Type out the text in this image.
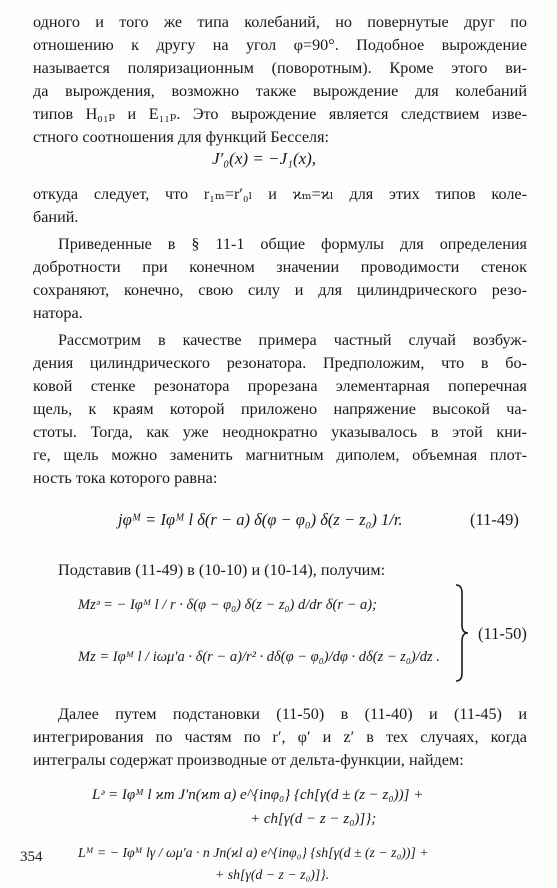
одного и того же типа колебаний, но повернутые друг по
отношению к другу на угол φ=90°. Подобное вырождение
называется поляризационным (поворотным). Кроме этого ви-
да вырождения, возможно также вырождение для колебаний
типов H₀₁ₚ и E₁₁ₚ. Это вырождение является следствием изве-
стного соотношения для функций Бесселя:
J′₀(x) = −J₁(x),
откуда следует, что r₁ₘ=r′₀ₗ и ϰₘ=ϰₗ для этих типов коле-
баний.
Приведенные в § 11-1 общие формулы для определения
добротности при конечном значении проводимости стенок
сохраняют, конечно, свою силу и для цилиндрического резо-
натора.
Рассмотрим в качестве примера частный случай возбуж-
дения цилиндрического резонатора. Предположим, что в бо-
ковой стенке резонатора прорезана элементарная поперечная
щель, к краям которой приложено напряжение высокой ча-
стоты. Тогда, как уже неоднократно указывалось в этой кни-
ге, щель можно заменить магнитным диполем, объемная плот-
ность тока которого равна:
jφᴹ = Iφᴹ l δ(r − a) δ(φ − φ₀) δ(z − z₀) 1/r.	(11-49)
Подставив (11-49) в (10-10) и (10-14), получим:
Mzᵊ = − Iφᴹ l / r · δ(φ − φ₀) δ(z − z₀) d/dr δ(r − a);
Mz = Iφᴹ l / iωμ′a · δ(r − a)/r² · dδ(φ − φ₀)/dφ · dδ(z − z₀)/dz .
(11-50)
Далее путем подстановки (11-50) в (11-40) и (11-45) и
интегрирования по частям по r′, φ′ и z′ в тех случаях, когда
интегралы содержат производные от дельта-функции, найдем:
Lᵊ = Iφᴹ l ϰm J′n(ϰm a) e^{inφ₀} {ch[γ(d ± (z − z₀))] +
+ ch[γ(d − z − z₀)]};
Lᴹ = − Iφᴹ lγ / ωμ′a · n Jn(ϰl a) e^{inφ₀} {sh[γ(d ± (z − z₀))] +
+ sh[γ(d − z − z₀)]}.
354
